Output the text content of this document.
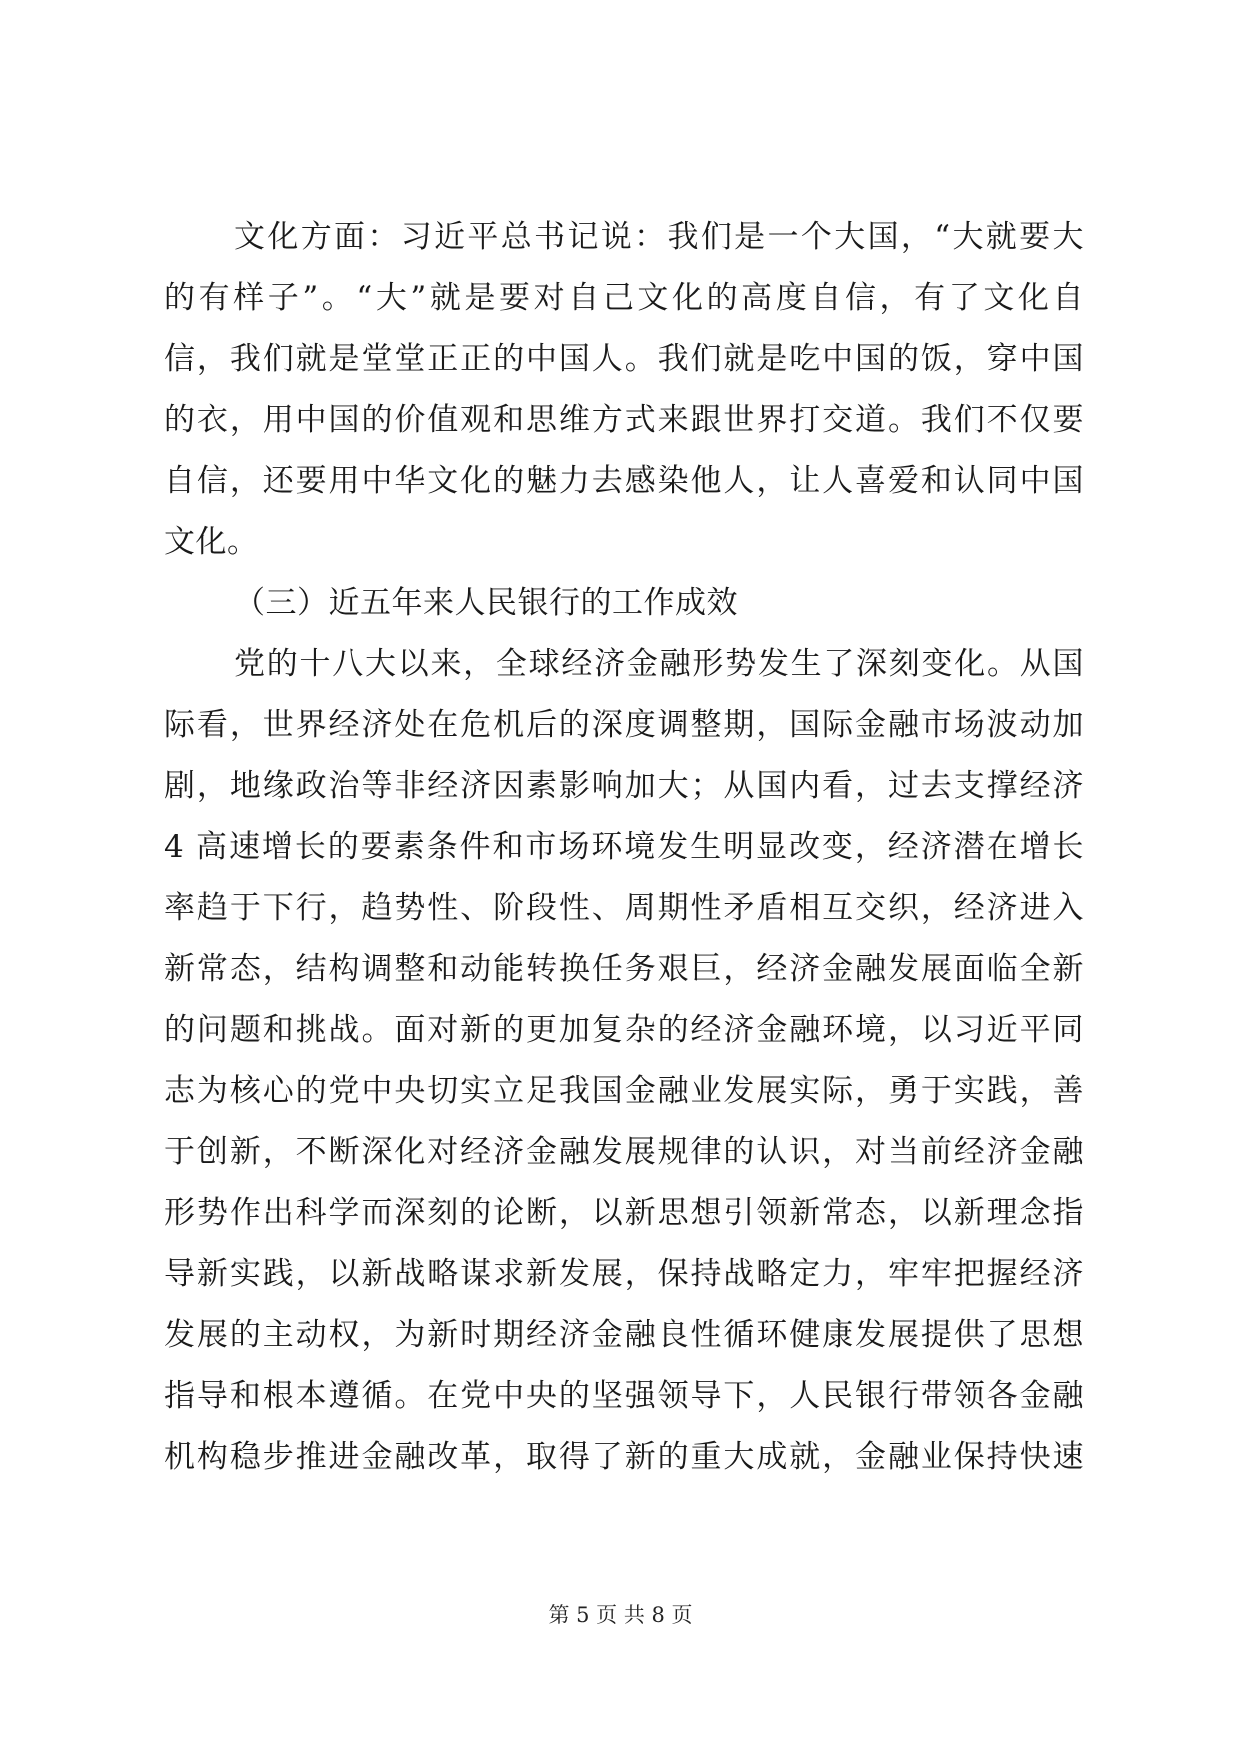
文化方面：习近平总书记说：我们是一个大国，“大就要大
的有样子”。“大”就是要对自己文化的高度自信，有了文化自
信，我们就是堂堂正正的中国人。我们就是吃中国的饭，穿中国
的衣，用中国的价值观和思维方式来跟世界打交道。我们不仅要
自信，还要用中华文化的魅力去感染他人，让人喜爱和认同中国
文化。
（三）近五年来人民银行的工作成效
党的十八大以来，全球经济金融形势发生了深刻变化。从国
际看，世界经济处在危机后的深度调整期，国际金融市场波动加
剧，地缘政治等非经济因素影响加大；从国内看，过去支撑经济
4 高速增长的要素条件和市场环境发生明显改变，经济潜在增长
率趋于下行，趋势性、阶段性、周期性矛盾相互交织，经济进入
新常态，结构调整和动能转换任务艰巨，经济金融发展面临全新
的问题和挑战。面对新的更加复杂的经济金融环境，以习近平同
志为核心的党中央切实立足我国金融业发展实际，勇于实践，善
于创新，不断深化对经济金融发展规律的认识，对当前经济金融
形势作出科学而深刻的论断，以新思想引领新常态，以新理念指
导新实践，以新战略谋求新发展，保持战略定力，牢牢把握经济
发展的主动权，为新时期经济金融良性循环健康发展提供了思想
指导和根本遵循。在党中央的坚强领导下，人民银行带领各金融
机构稳步推进金融改革，取得了新的重大成就，金融业保持快速
第 5 页 共 8 页
